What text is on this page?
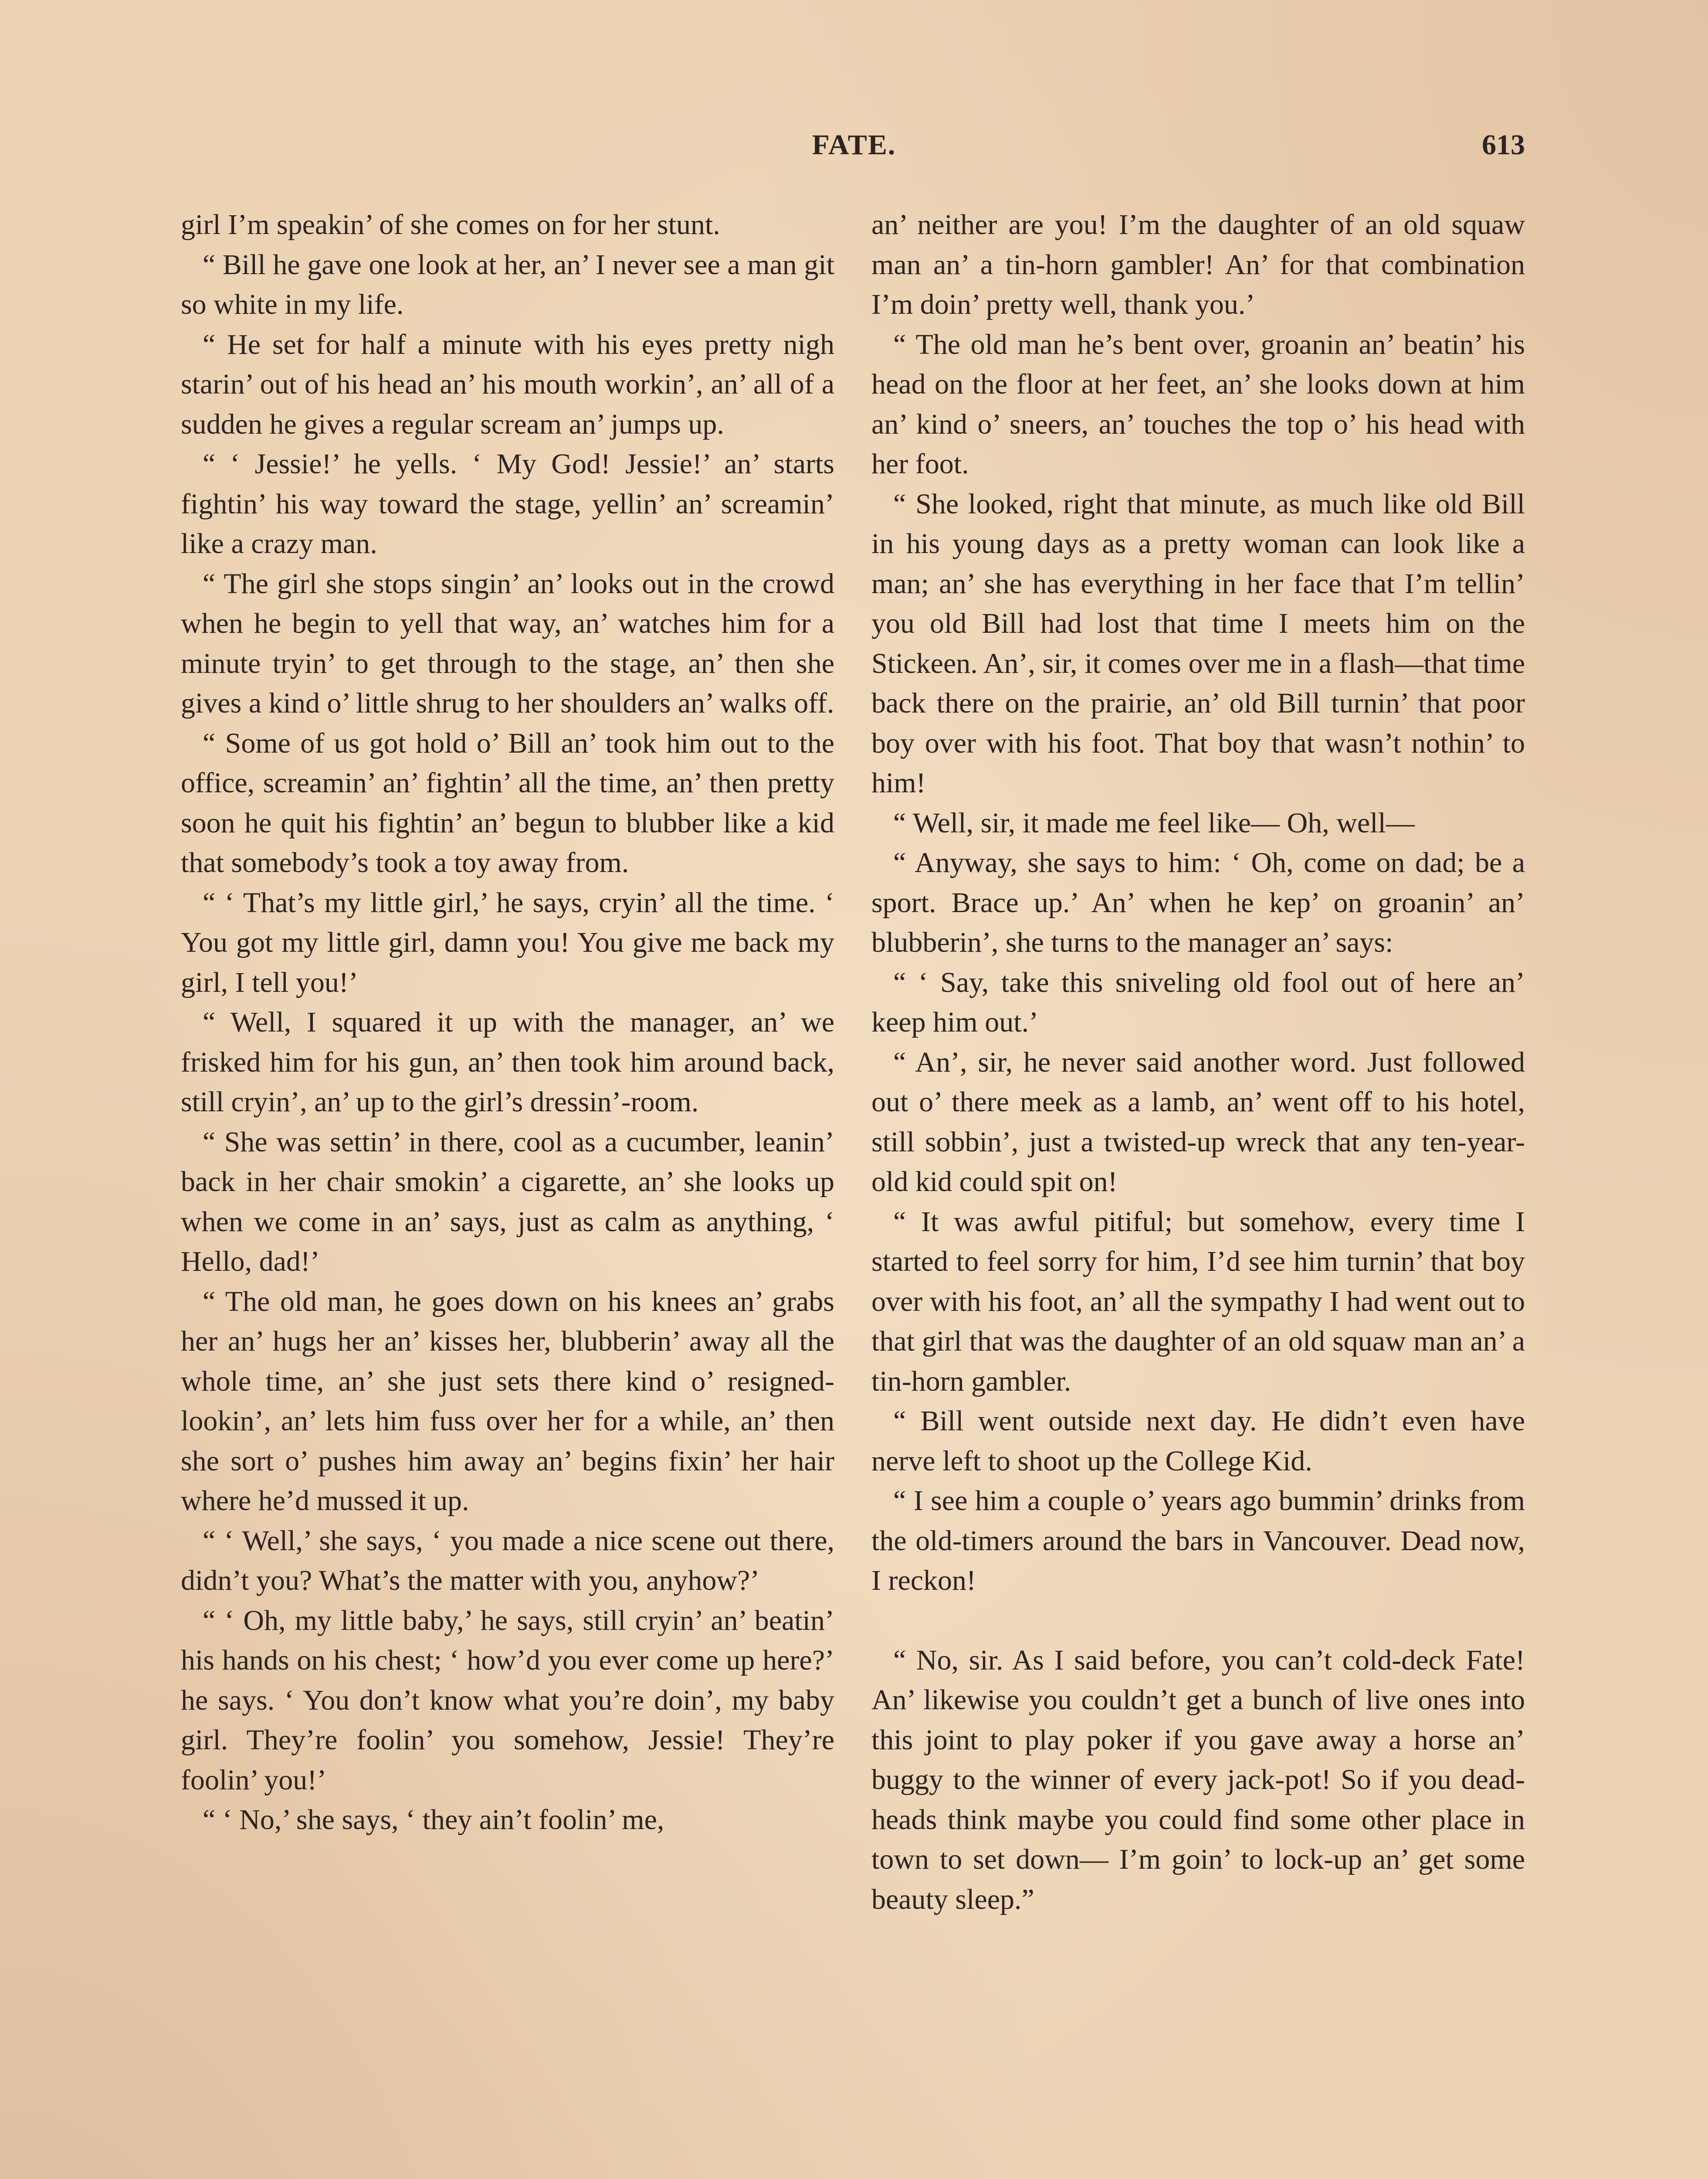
FATE.	613

girl I’m speakin’ of she comes on for her stunt.

“ Bill he gave one look at her, an’ I never see a man git so white in my life.

“ He set for half a minute with his eyes pretty nigh starin’ out of his head an’ his mouth workin’, an’ all of a sudden he gives a regular scream an’ jumps up.

“ ‘ Jessie!’ he yells. ‘ My God! Jessie!’ an’ starts fightin’ his way toward the stage, yellin’ an’ screamin’ like a crazy man.

“ The girl she stops singin’ an’ looks out in the crowd when he begin to yell that way, an’ watches him for a minute tryin’ to get through to the stage, an’ then she gives a kind o’ little shrug to her shoulders an’ walks off.

“ Some of us got hold o’ Bill an’ took him out to the office, screamin’ an’ fightin’ all the time, an’ then pretty soon he quit his fightin’ an’ begun to blubber like a kid that somebody’s took a toy away from.

“ ‘ That’s my little girl,’ he says, cryin’ all the time. ‘ You got my little girl, damn you! You give me back my girl, I tell you!’

“ Well, I squared it up with the manager, an’ we frisked him for his gun, an’ then took him around back, still cryin’, an’ up to the girl’s dressin’-room.

“ She was settin’ in there, cool as a cucumber, leanin’ back in her chair smokin’ a cigarette, an’ she looks up when we come in an’ says, just as calm as anything, ‘ Hello, dad!’

“ The old man, he goes down on his knees an’ grabs her an’ hugs her an’ kisses her, blubberin’ away all the whole time, an’ she just sets there kind o’ resigned-lookin’, an’ lets him fuss over her for a while, an’ then she sort o’ pushes him away an’ begins fixin’ her hair where he’d mussed it up.

“ ‘ Well,’ she says, ‘ you made a nice scene out there, didn’t you? What’s the matter with you, anyhow?’

“ ‘ Oh, my little baby,’ he says, still cryin’ an’ beatin’ his hands on his chest; ‘ how’d you ever come up here?’ he says. ‘ You don’t know what you’re doin’, my baby girl. They’re foolin’ you somehow, Jessie! They’re foolin’ you!’

“ ‘ No,’ she says, ‘ they ain’t foolin’ me,

an’ neither are you! I’m the daughter of an old squaw man an’ a tin-horn gambler! An’ for that combination I’m doin’ pretty well, thank you.’

“ The old man he’s bent over, groanin an’ beatin’ his head on the floor at her feet, an’ she looks down at him an’ kind o’ sneers, an’ touches the top o’ his head with her foot.

“ She looked, right that minute, as much like old Bill in his young days as a pretty woman can look like a man; an’ she has everything in her face that I’m tellin’ you old Bill had lost that time I meets him on the Stickeen. An’, sir, it comes over me in a flash—that time back there on the prairie, an’ old Bill turnin’ that poor boy over with his foot. That boy that wasn’t nothin’ to him!

“ Well, sir, it made me feel like— Oh, well—

“ Anyway, she says to him: ‘ Oh, come on dad; be a sport. Brace up.’ An’ when he kep’ on groanin’ an’ blubberin’, she turns to the manager an’ says:

“ ‘ Say, take this sniveling old fool out of here an’ keep him out.’

“ An’, sir, he never said another word. Just followed out o’ there meek as a lamb, an’ went off to his hotel, still sobbin’, just a twisted-up wreck that any ten-year-old kid could spit on!

“ It was awful pitiful; but somehow, every time I started to feel sorry for him, I’d see him turnin’ that boy over with his foot, an’ all the sympathy I had went out to that girl that was the daughter of an old squaw man an’ a tin-horn gambler.

“ Bill went outside next day. He didn’t even have nerve left to shoot up the College Kid.

“ I see him a couple o’ years ago bummin’ drinks from the old-timers around the bars in Vancouver. Dead now, I reckon!

“ No, sir. As I said before, you can’t cold-deck Fate! An’ likewise you couldn’t get a bunch of live ones into this joint to play poker if you gave away a horse an’ buggy to the winner of every jack-pot! So if you dead-heads think maybe you could find some other place in town to set down— I’m goin’ to lock-up an’ get some beauty sleep.”
